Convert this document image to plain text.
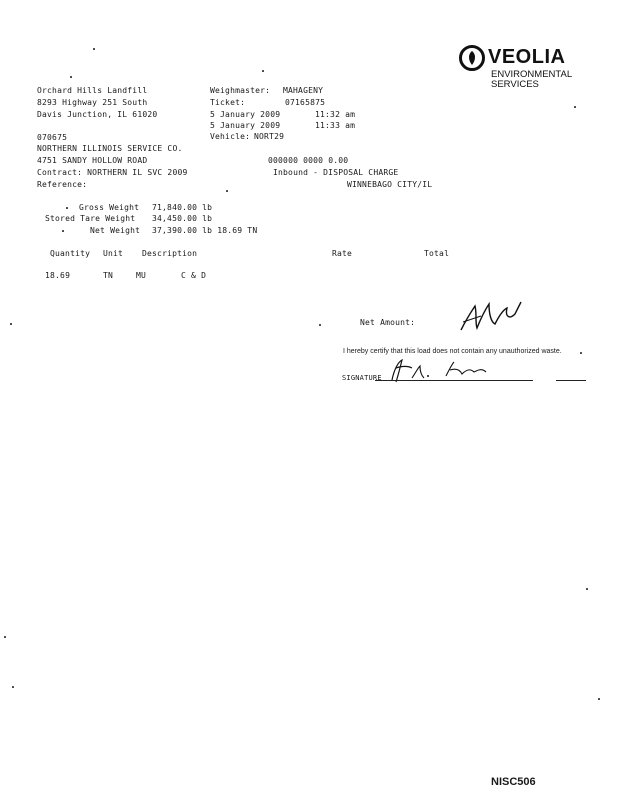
VEOLIA
ENVIRONMENTAL
SERVICES
Orchard Hills Landfill
8293 Highway 251 South
Davis Junction, IL 61020
Weighmaster: MAHAGENY
Ticket:	07165875
5 January 2009	11:32 am
5 January 2009	11:33 am
Vehicle: NORT29
070675
NORTHERN ILLINOIS SERVICE CO.
4751 SANDY HOLLOW ROAD	000000 0000 0.00
Contract: NORTHERN IL SVC 2009	Inbound - DISPOSAL CHARGE
Reference:	WINNEBAGO CITY/IL
Gross Weight 71,840.00 lb
Stored Tare Weight 34,450.00 lb
Net Weight 37,390.00 lb 18.69 TN
Quantity Unit Description	Rate	Total
18.69	TN	MU	C & D
Net Amount:
I hereby certify that this load does not contain any unauthorized waste.
SIGNATURE
NISC506
